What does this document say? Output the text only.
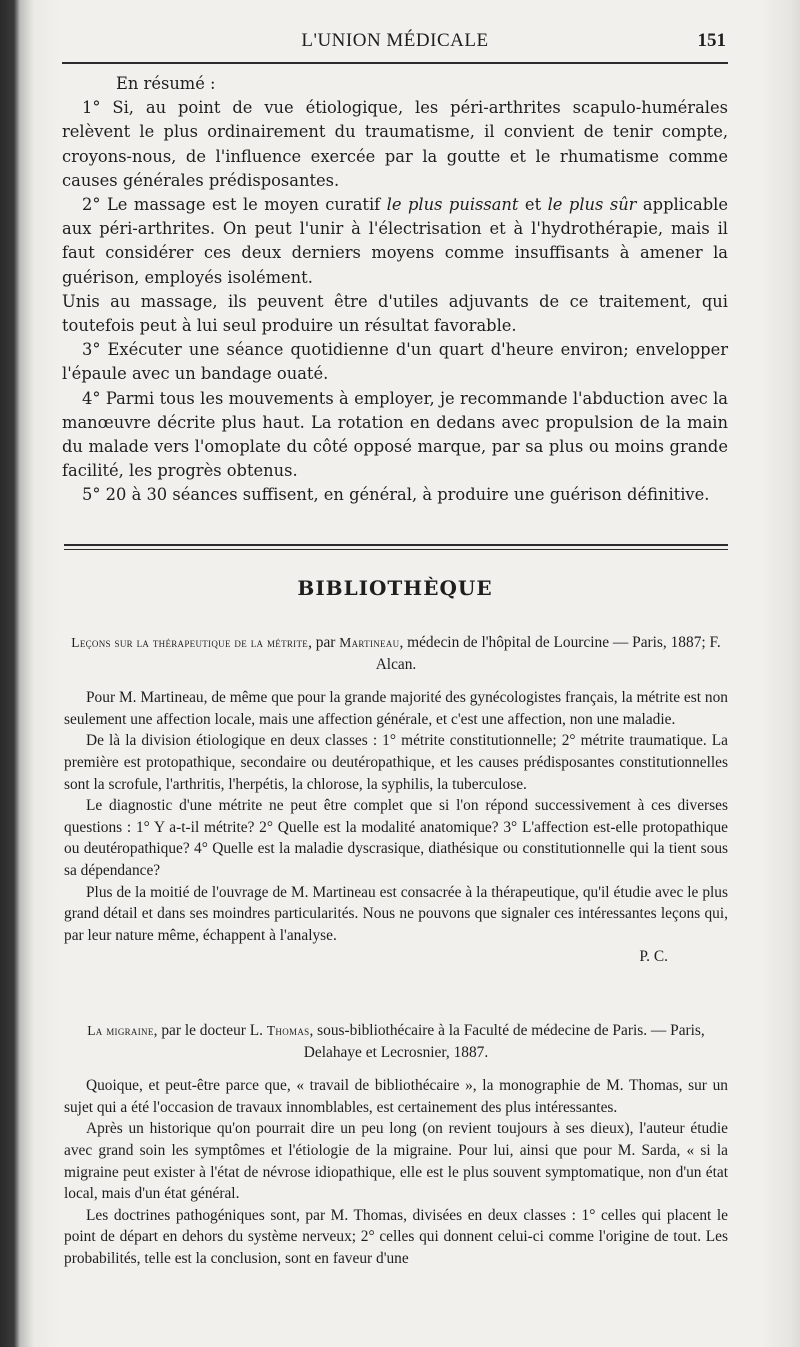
L'UNION MÉDICALE	151

En résumé :

1° Si, au point de vue étiologique, les péri-arthrites scapulo-humérales relèvent le plus ordinairement du traumatisme, il convient de tenir compte, croyons-nous, de l'influence exercée par la goutte et le rhumatisme comme causes générales prédisposantes.

2° Le massage est le moyen curatif le plus puissant et le plus sûr applicable aux péri-arthrites. On peut l'unir à l'électrisation et à l'hydrothérapie, mais il faut considérer ces deux derniers moyens comme insuffisants à amener la guérison, employés isolément.

Unis au massage, ils peuvent être d'utiles adjuvants de ce traitement, qui toutefois peut à lui seul produire un résultat favorable.

3° Exécuter une séance quotidienne d'un quart d'heure environ; envelopper l'épaule avec un bandage ouaté.

4° Parmi tous les mouvements à employer, je recommande l'abduction avec la manœuvre décrite plus haut. La rotation en dedans avec propulsion de la main du malade vers l'omoplate du côté opposé marque, par sa plus ou moins grande facilité, les progrès obtenus.

5° 20 à 30 séances suffisent, en général, à produire une guérison définitive.

BIBLIOTHÈQUE

Leçons sur la thérapeutique de la métrite, par Martineau, médecin de l'hôpital de Lourcine — Paris, 1887; F. Alcan.

Pour M. Martineau, de même que pour la grande majorité des gynécologistes français, la métrite est non seulement une affection locale, mais une affection générale, et c'est une affection, non une maladie.

De là la division étiologique en deux classes : 1° métrite constitutionnelle; 2° métrite traumatique. La première est protopathique, secondaire ou deutéropathique, et les causes prédisposantes constitutionnelles sont la scrofule, l'arthritis, l'herpétis, la chlorose, la syphilis, la tuberculose.

Le diagnostic d'une métrite ne peut être complet que si l'on répond successivement à ces diverses questions : 1° Y a-t-il métrite? 2° Quelle est la modalité anatomique? 3° L'affection est-elle protopathique ou deutéropathique? 4° Quelle est la maladie dyscrasique, diathésique ou constitutionnelle qui la tient sous sa dépendance?

Plus de la moitié de l'ouvrage de M. Martineau est consacrée à la thérapeutique, qu'il étudie avec le plus grand détail et dans ses moindres particularités. Nous ne pouvons que signaler ces intéressantes leçons qui, par leur nature même, échappent à l'analyse.

P. C.

La migraine, par le docteur L. Thomas, sous-bibliothécaire à la Faculté de médecine de Paris. — Paris, Delahaye et Lecrosnier, 1887.

Quoique, et peut-être parce que, « travail de bibliothécaire », la monographie de M. Thomas, sur un sujet qui a été l'occasion de travaux innomblables, est certainement des plus intéressantes.

Après un historique qu'on pourrait dire un peu long (on revient toujours à ses dieux), l'auteur étudie avec grand soin les symptômes et l'étiologie de la migraine. Pour lui, ainsi que pour M. Sarda, « si la migraine peut exister à l'état de névrose idiopathique, elle est le plus souvent symptomatique, non d'un état local, mais d'un état général.

Les doctrines pathogéniques sont, par M. Thomas, divisées en deux classes : 1° celles qui placent le point de départ en dehors du système nerveux; 2° celles qui donnent celui-ci comme l'origine de tout. Les probabilités, telle est la conclusion, sont en faveur d'une
